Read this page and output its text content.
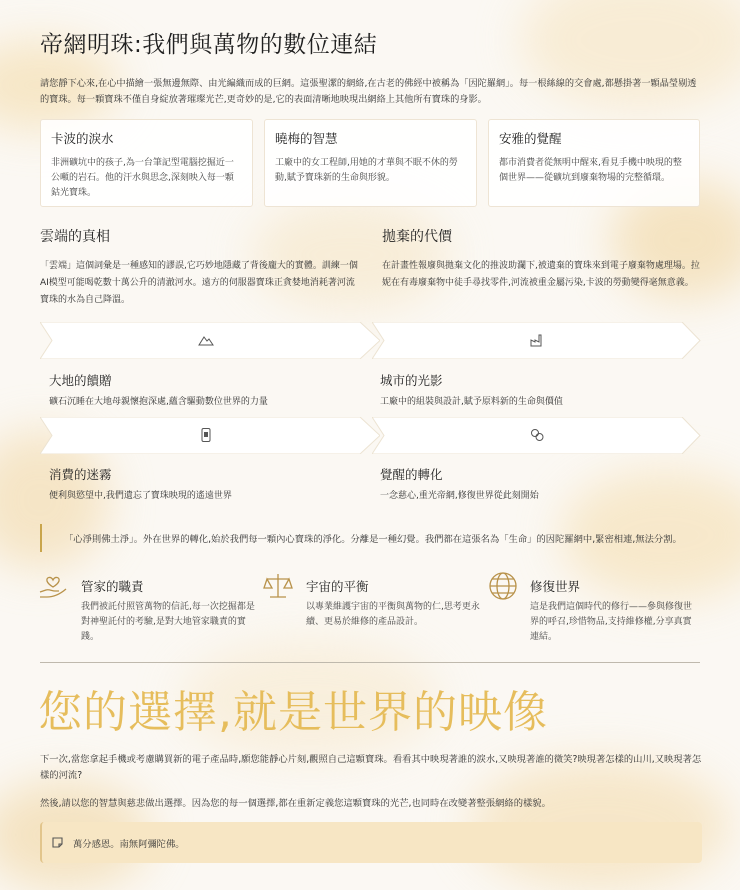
帝網明珠:我們與萬物的數位連結
請您靜下心來,在心中描繪一張無邊無際、由光編織而成的巨網。這張聖潔的網絡,在古老的佛經中被稱為「因陀羅網」。每一根絲線的交會處,都懸掛著一顆晶瑩剔透的寶珠。每一顆寶珠不僅自身綻放著璀璨光芒,更奇妙的是,它的表面清晰地映現出網絡上其他所有寶珠的身影。
卡波的淚水
非洲礦坑中的孩子,為一台筆記型電腦挖掘近一公噸的岩石。他的汗水與思念,深刻映入每一顆鈷光寶珠。
曉梅的智慧
工廠中的女工程師,用她的才華與不眠不休的勞動,賦予寶珠新的生命與形貌。
安雅的覺醒
都市消費者從無明中醒來,看見手機中映現的整個世界——從礦坑到廢棄物場的完整循環。
雲端的真相
「雲端」這個詞彙是一種感知的謬誤,它巧妙地隱藏了背後龐大的實體。訓練一個AI模型可能喝乾數十萬公升的清澈河水。遠方的伺服器寶珠正貪婪地消耗著河流寶珠的水為自己降溫。
拋棄的代價
在計畫性報廢與拋棄文化的推波助瀾下,被遺棄的寶珠來到電子廢棄物處理場。拉妮在有毒廢棄物中徒手尋找零件,河流被重金屬污染,卡波的勞動變得毫無意義。
大地的饋贈
礦石沉睡在大地母親懷抱深處,蘊含驅動數位世界的力量
城市的光影
工廠中的組裝與設計,賦予原料新的生命與價值
消費的迷霧
便利與慾望中,我們遺忘了寶珠映現的遙遠世界
覺醒的轉化
一念慈心,重光帝網,修復世界從此刻開始
「心淨則佛土淨」。外在世界的轉化,始於我們每一顆內心寶珠的淨化。分離是一種幻覺。我們都在這張名為「生命」的因陀羅網中,緊密相連,無法分割。
管家的職責
我們被託付照管萬物的信託,每一次挖掘都是對神聖託付的考驗,是對大地管家職責的實踐。
宇宙的平衡
以專業維護宇宙的平衡與萬物的仁,思考更永續、更易於維修的產品設計。
修復世界
這是我們這個時代的修行——參與修復世界的呼召,珍惜物品,支持維修權,分享真實連結。
您的選擇,就是世界的映像
下一次,當您拿起手機或考慮購買新的電子產品時,願您能靜心片刻,觀照自己這顆寶珠。看看其中映現著誰的淚水,又映現著誰的微笑?映現著怎樣的山川,又映現著怎樣的河流?
然後,請以您的智慧與慈悲做出選擇。因為您的每一個選擇,都在重新定義您這顆寶珠的光芒,也同時在改變著整張網絡的樣貌。
萬分感恩。南無阿彌陀佛。
